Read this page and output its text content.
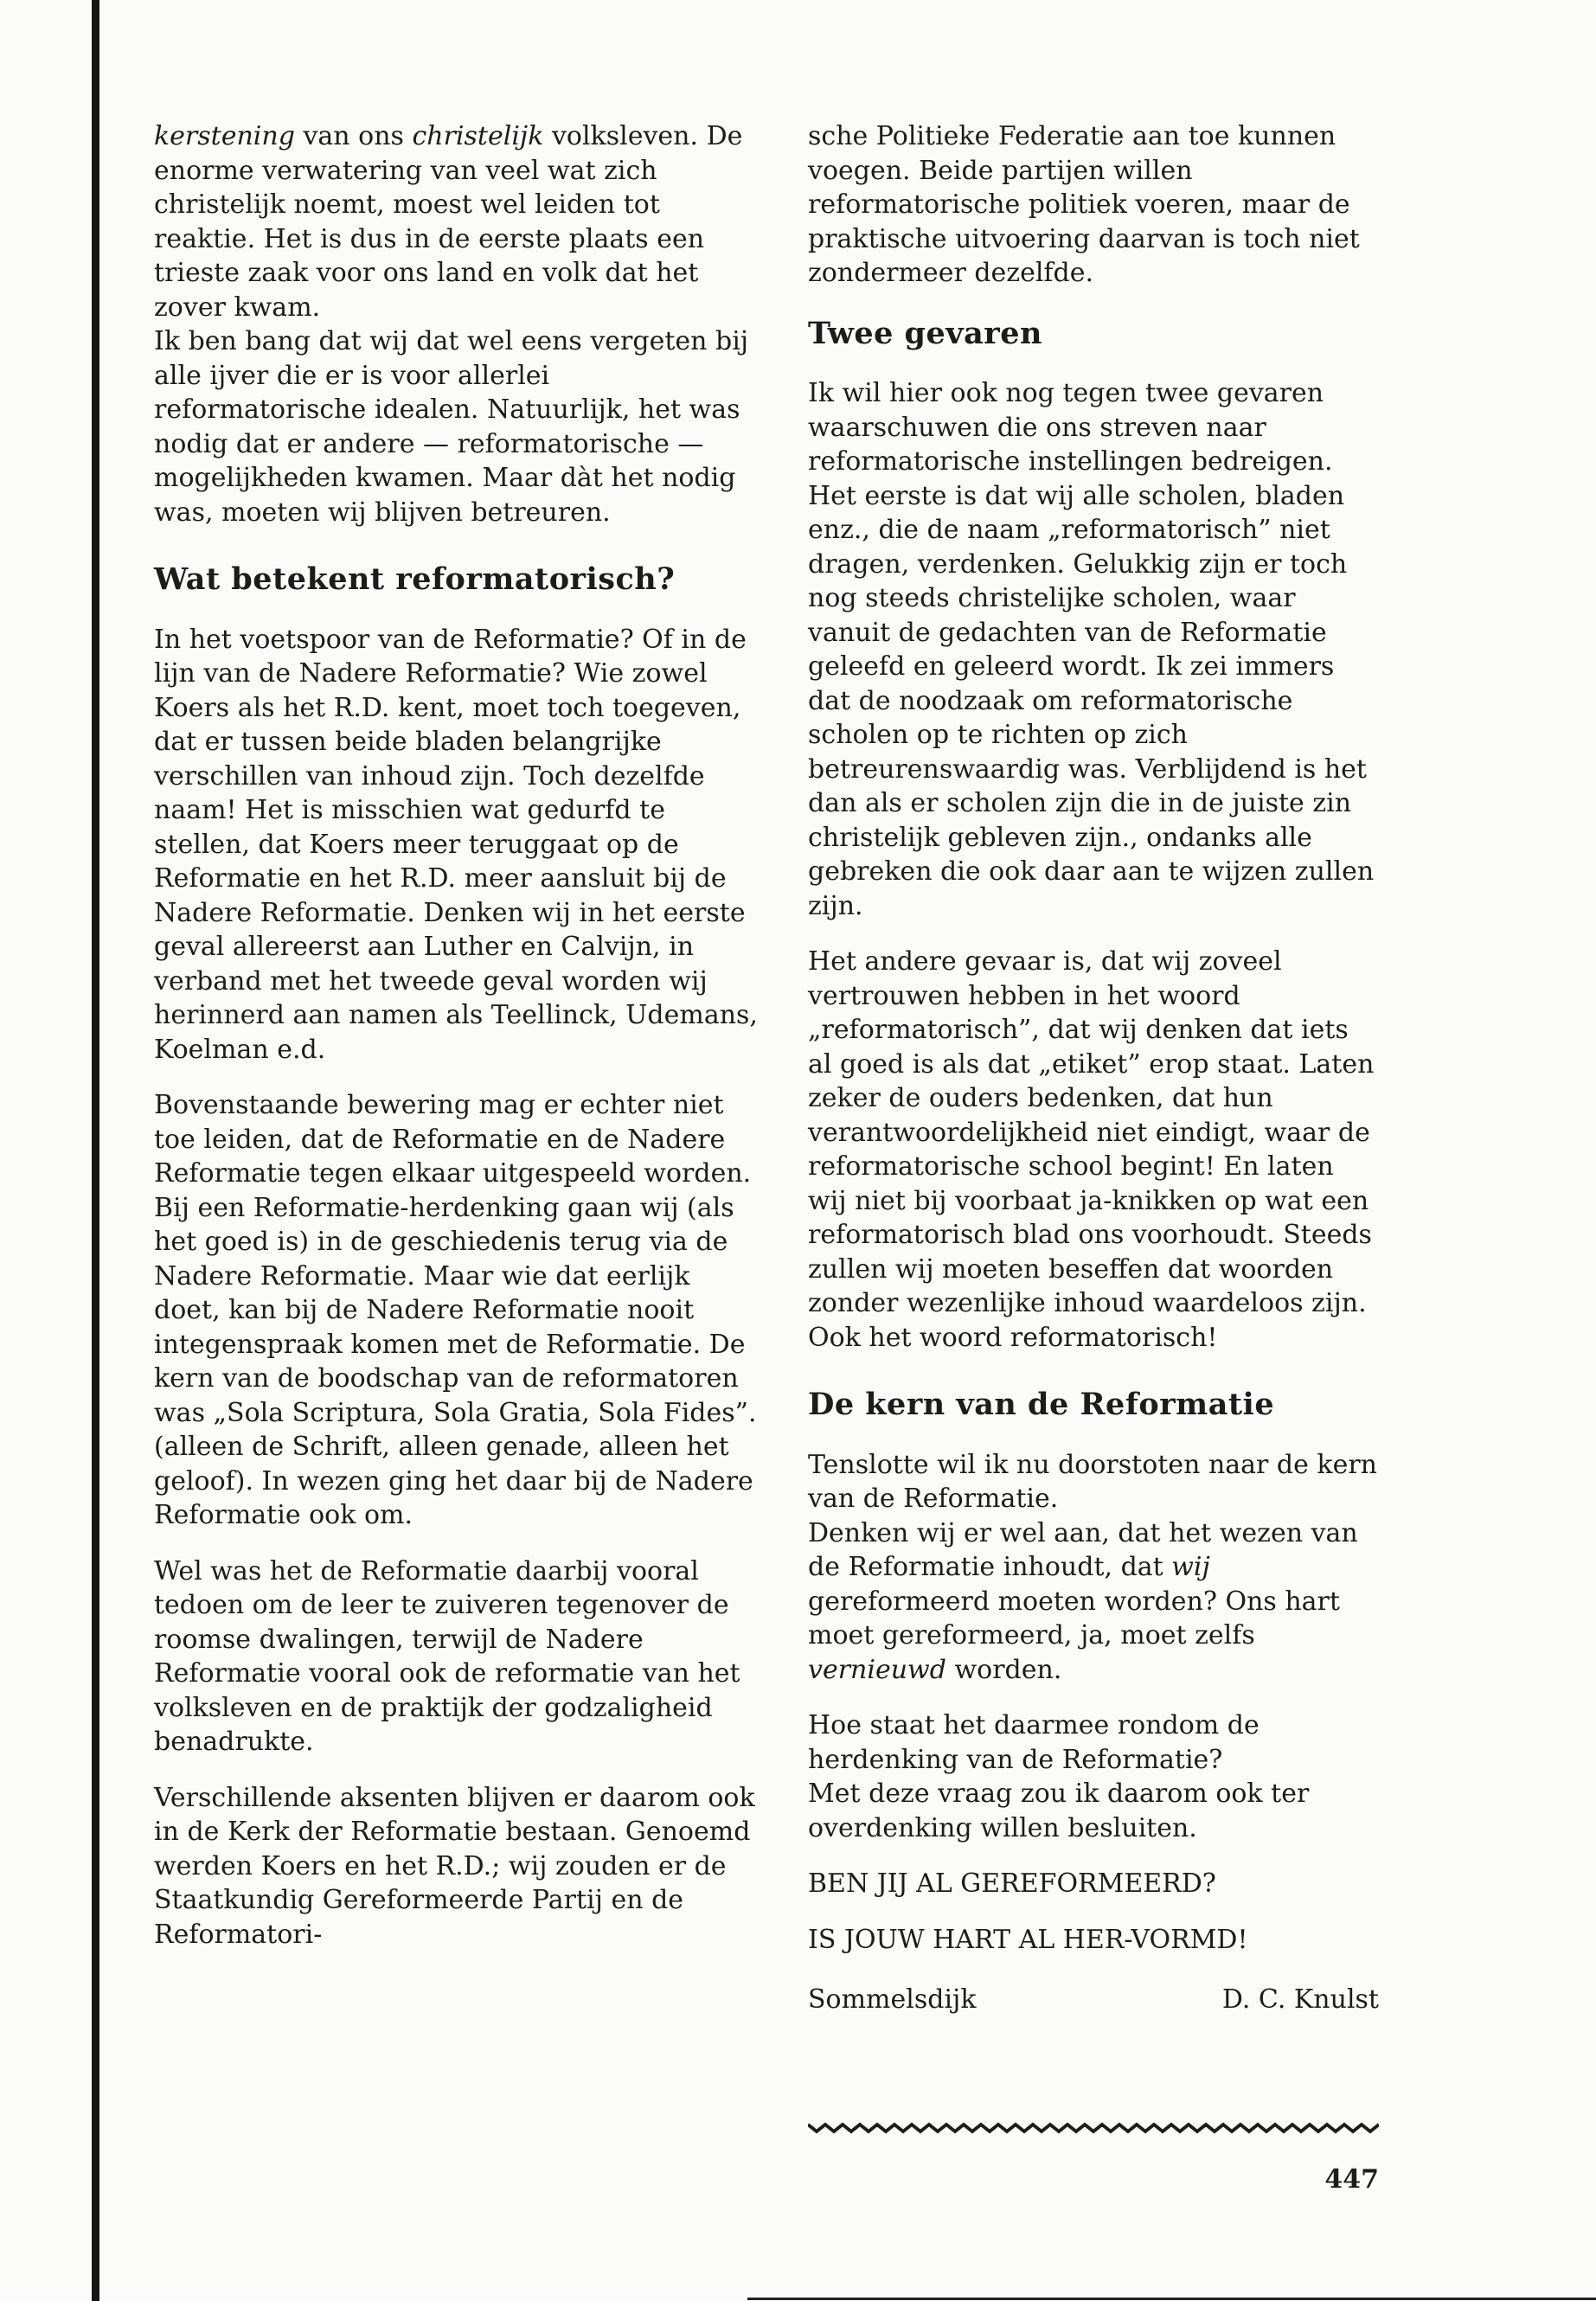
kerstening van ons christelijk volksleven. De enorme verwatering van veel wat zich christelijk noemt, moest wel leiden tot reaktie. Het is dus in de eerste plaats een trieste zaak voor ons land en volk dat het zover kwam.

Ik ben bang dat wij dat wel eens vergeten bij alle ijver die er is voor allerlei reformatorische idealen. Natuurlijk, het was nodig dat er andere — reformatorische — mogelijkheden kwamen. Maar dàt het nodig was, moeten wij blijven betreuren.

Wat betekent reformatorisch?

In het voetspoor van de Reformatie? Of in de lijn van de Nadere Reformatie? Wie zowel Koers als het R.D. kent, moet toch toegeven, dat er tussen beide bladen belangrijke verschillen van inhoud zijn. Toch dezelfde naam! Het is misschien wat gedurfd te stellen, dat Koers meer teruggaat op de Reformatie en het R.D. meer aansluit bij de Nadere Reformatie. Denken wij in het eerste geval allereerst aan Luther en Calvijn, in verband met het tweede geval worden wij herinnerd aan namen als Teellinck, Udemans, Koelman e.d.

Bovenstaande bewering mag er echter niet toe leiden, dat de Reformatie en de Nadere Reformatie tegen elkaar uitgespeeld worden.

Bij een Reformatie-herdenking gaan wij (als het goed is) in de geschiedenis terug via de Nadere Reformatie. Maar wie dat eerlijk doet, kan bij de Nadere Reformatie nooit integenspraak komen met de Reformatie. De kern van de boodschap van de reformatoren was „Sola Scriptura, Sola Gratia, Sola Fides”. (alleen de Schrift, alleen genade, alleen het geloof). In wezen ging het daar bij de Nadere Reformatie ook om.

Wel was het de Reformatie daarbij vooral tedoen om de leer te zuiveren tegenover de roomse dwalingen, terwijl de Nadere Reformatie vooral ook de reformatie van het volksleven en de praktijk der godzaligheid benadrukte.

Verschillende aksenten blijven er daarom ook in de Kerk der Reformatie bestaan. Genoemd werden Koers en het R.D.; wij zouden er de Staatkundig Gereformeerde Partij en de Reformatori-

sche Politieke Federatie aan toe kunnen voegen. Beide partijen willen reformatorische politiek voeren, maar de praktische uitvoering daarvan is toch niet zondermeer dezelfde.

Twee gevaren

Ik wil hier ook nog tegen twee gevaren waarschuwen die ons streven naar reformatorische instellingen bedreigen.

Het eerste is dat wij alle scholen, bladen enz., die de naam „reformatorisch” niet dragen, verdenken. Gelukkig zijn er toch nog steeds christelijke scholen, waar vanuit de gedachten van de Reformatie geleefd en geleerd wordt. Ik zei immers dat de noodzaak om reformatorische scholen op te richten op zich betreurenswaardig was. Verblijdend is het dan als er scholen zijn die in de juiste zin christelijk gebleven zijn., ondanks alle gebreken die ook daar aan te wijzen zullen zijn.

Het andere gevaar is, dat wij zoveel vertrouwen hebben in het woord „reformatorisch”, dat wij denken dat iets al goed is als dat „etiket” erop staat. Laten zeker de ouders bedenken, dat hun verantwoordelijkheid niet eindigt, waar de reformatorische school begint! En laten wij niet bij voorbaat ja-knikken op wat een reformatorisch blad ons voorhoudt. Steeds zullen wij moeten beseffen dat woorden zonder wezenlijke inhoud waardeloos zijn. Ook het woord reformatorisch!

De kern van de Reformatie

Tenslotte wil ik nu doorstoten naar de kern van de Reformatie.

Denken wij er wel aan, dat het wezen van de Reformatie inhoudt, dat wij gereformeerd moeten worden? Ons hart moet gereformeerd, ja, moet zelfs vernieuwd worden.

Hoe staat het daarmee rondom de herdenking van de Reformatie?

Met deze vraag zou ik daarom ook ter overdenking willen besluiten.

BEN JIJ AL GEREFORMEERD?

IS JOUW HART AL HER-VORMD!

Sommelsdijk	D. C. Knulst
447
